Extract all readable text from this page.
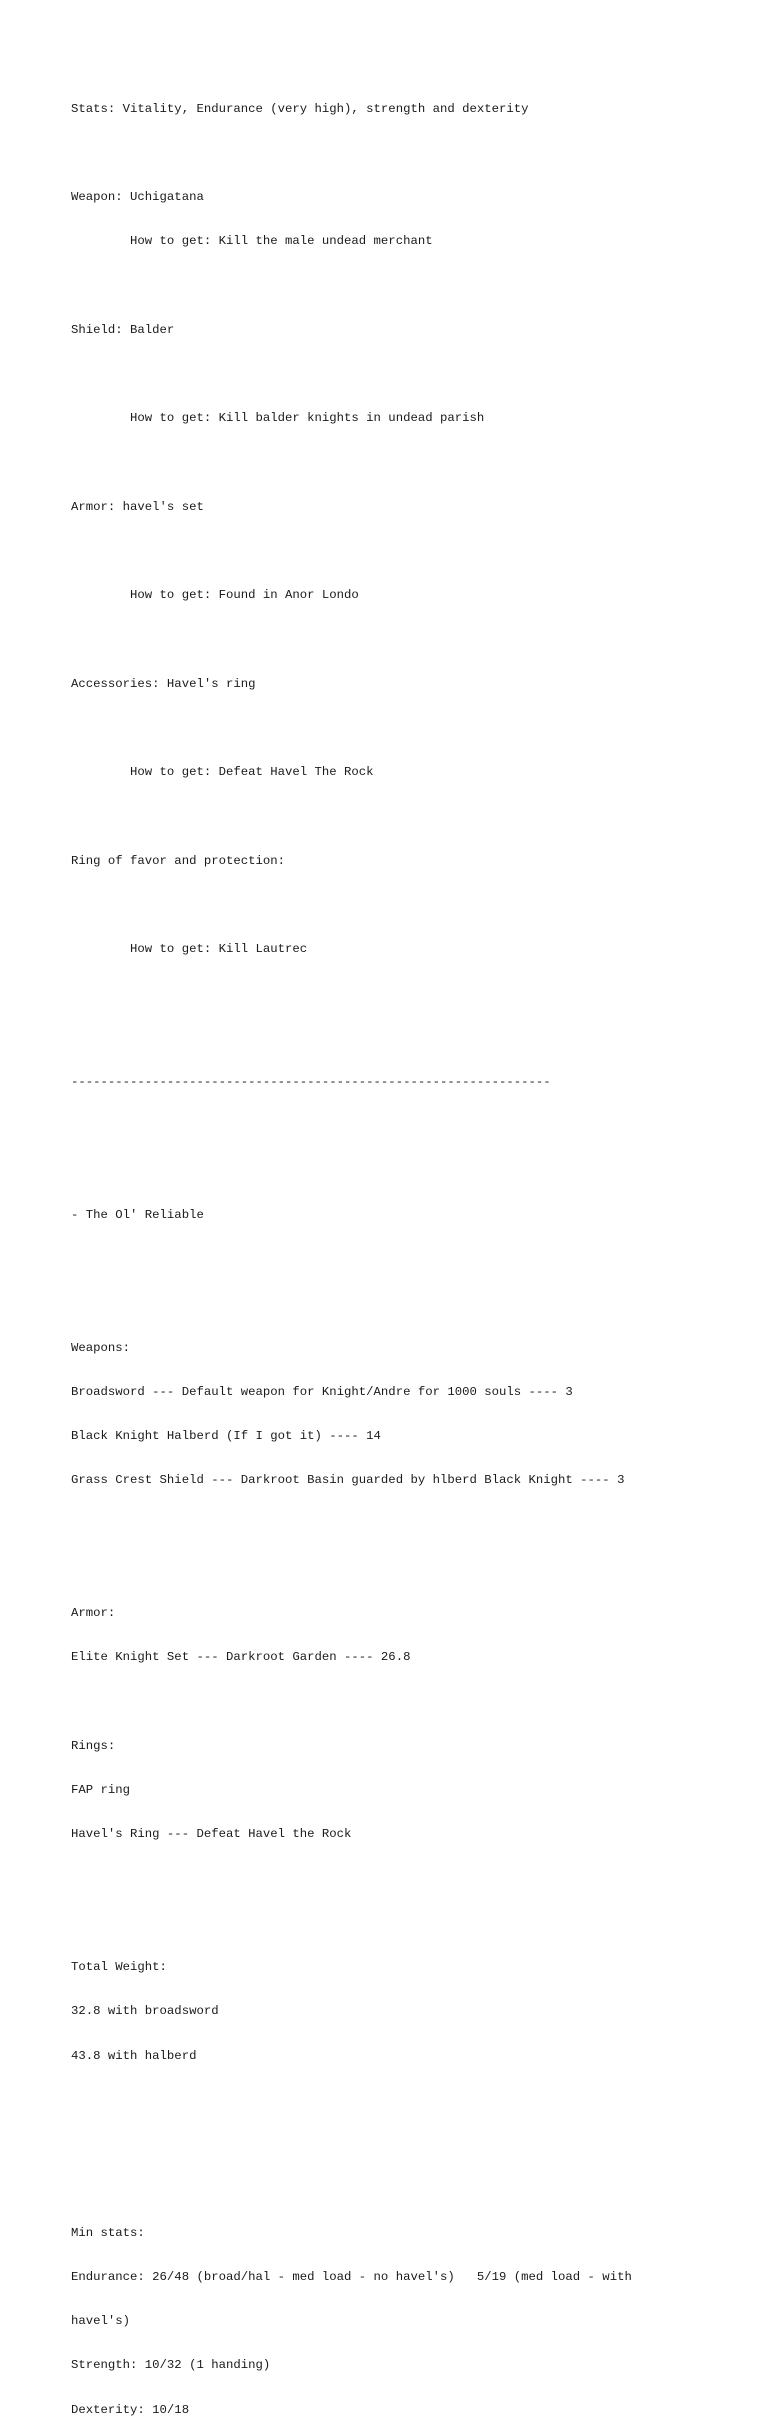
Stats: Vitality, Endurance (very high), strength and dexterity

Weapon: Uchigatana

How to get: Kill the male undead merchant

Shield: Balder

How to get: Kill balder knights in undead parish

Armor: havel's set

How to get: Found in Anor Londo

Accessories: Havel's ring

How to get: Defeat Havel The Rock

Ring of favor and protection:

How to get: Kill Lautrec

-----------------------------------------------------------------

- The Ol' Reliable

Weapons:

Broadsword --- Default weapon for Knight/Andre for 1000 souls ---- 3

Black Knight Halberd (If I got it) ---- 14

Grass Crest Shield --- Darkroot Basin guarded by hlberd Black Knight ---- 3

Armor:

Elite Knight Set --- Darkroot Garden ---- 26.8

Rings:

FAP ring

Havel's Ring --- Defeat Havel the Rock

Total Weight:

32.8 with broadsword

43.8 with halberd

Min stats:

Endurance: 26/48 (broad/hal - med load - no havel's)   5/19 (med load - with

havel's)

Strength: 10/32 (1 handing)

Dexterity: 10/18
